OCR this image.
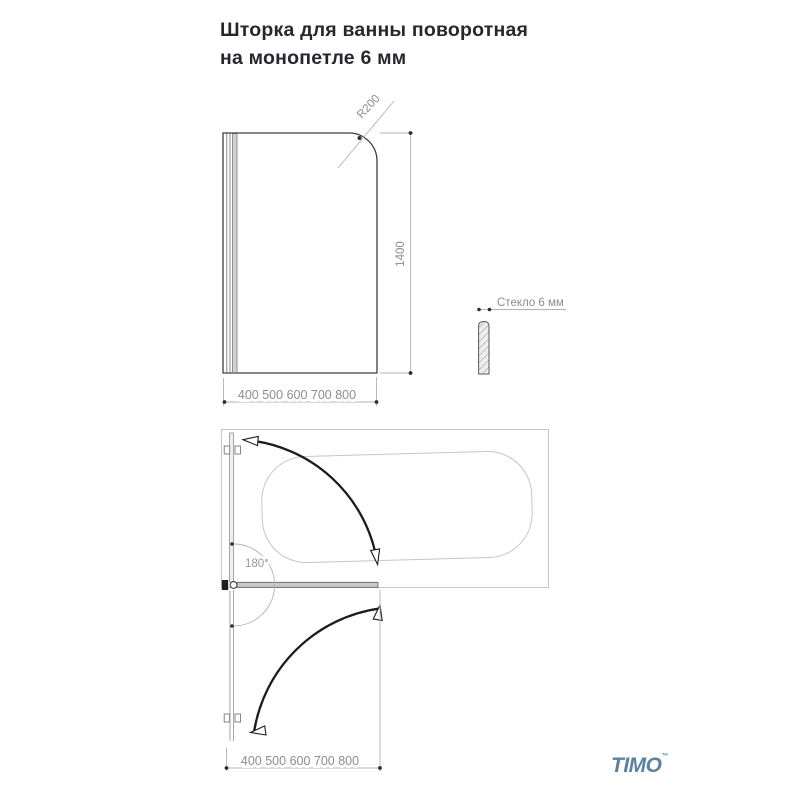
Шторка для ванны поворотная
на монопетле 6 мм
R200
1400
400 500 600 700 800
Стекло 6 мм
180°
400 500 600 700 800	TIMO™
